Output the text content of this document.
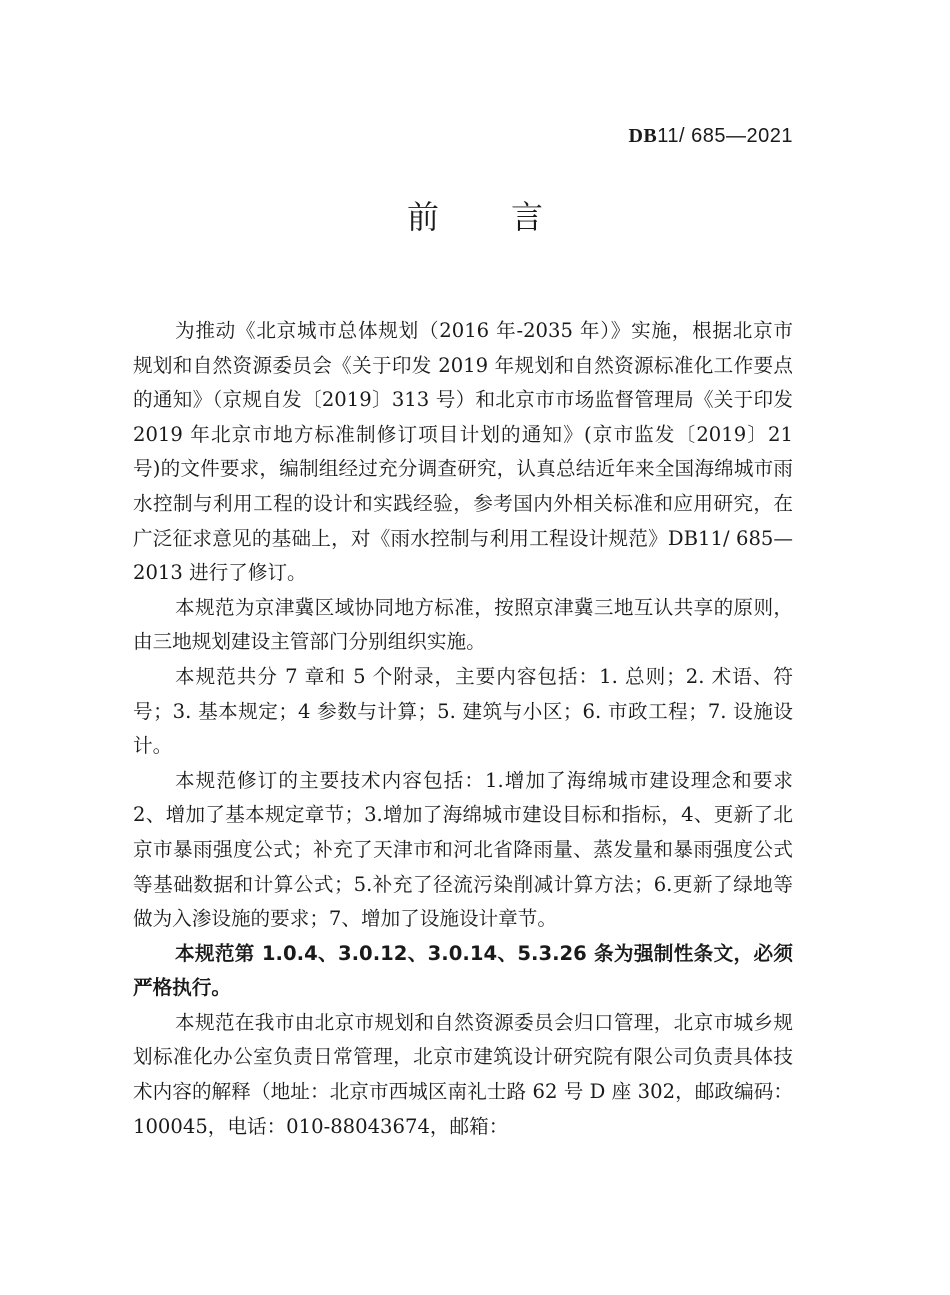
DB11/ 685—2021
前言

为推动《北京城市总体规划（2016 年-2035 年）》实施，根据北京市规划和自然资源委员会《关于印发 2019 年规划和自然资源标准化工作要点的通知》（京规自发〔2019〕313 号）和北京市市场监督管理局《关于印发 2019 年北京市地方标准制修订项目计划的通知》(京市监发〔2019〕21 号)的文件要求，编制组经过充分调查研究，认真总结近年来全国海绵城市雨水控制与利用工程的设计和实践经验，参考国内外相关标准和应用研究，在广泛征求意见的基础上，对《雨水控制与利用工程设计规范》DB11/ 685—2013 进行了修订。

本规范为京津冀区域协同地方标准，按照京津冀三地互认共享的原则，由三地规划建设主管部门分别组织实施。

本规范共分 7 章和 5 个附录，主要内容包括：1. 总则；2. 术语、符号；3. 基本规定；4 参数与计算；5. 建筑与小区；6. 市政工程；7. 设施设计。

本规范修订的主要技术内容包括：1.增加了海绵城市建设理念和要求 2、增加了基本规定章节；3.增加了海绵城市建设目标和指标，4、更新了北京市暴雨强度公式；补充了天津市和河北省降雨量、蒸发量和暴雨强度公式等基础数据和计算公式；5.补充了径流污染削减计算方法；6.更新了绿地等做为入渗设施的要求；7、增加了设施设计章节。

本规范第 1.0.4、3.0.12、3.0.14、5.3.26 条为强制性条文，必须严格执行。

本规范在我市由北京市规划和自然资源委员会归口管理，北京市城乡规划标准化办公室负责日常管理，北京市建筑设计研究院有限公司负责具体技术内容的解释（地址：北京市西城区南礼士路 62 号 D 座 302，邮政编码：100045，电话：010-88043674，邮箱：
